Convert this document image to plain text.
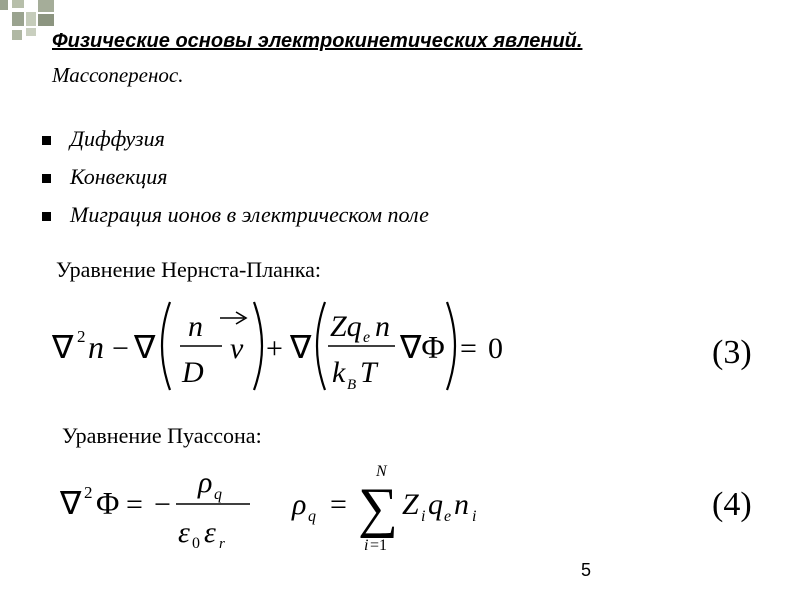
Физические основы электрокинетических явлений.
Массоперенос.
Диффузия
Конвекция
Миграция ионов в электрическом поле
Уравнение Нернста-Планка:
∇ 2 n − ∇
n
D
v + ∇
Zq e n
k B T
∇Φ = 0	(3)
Уравнение Пуассона:
∇ 2 Φ = −
ρ q
ε 0 ε r
ρ q =
N
∑
i =1
Z i q e n i	(4)
5
